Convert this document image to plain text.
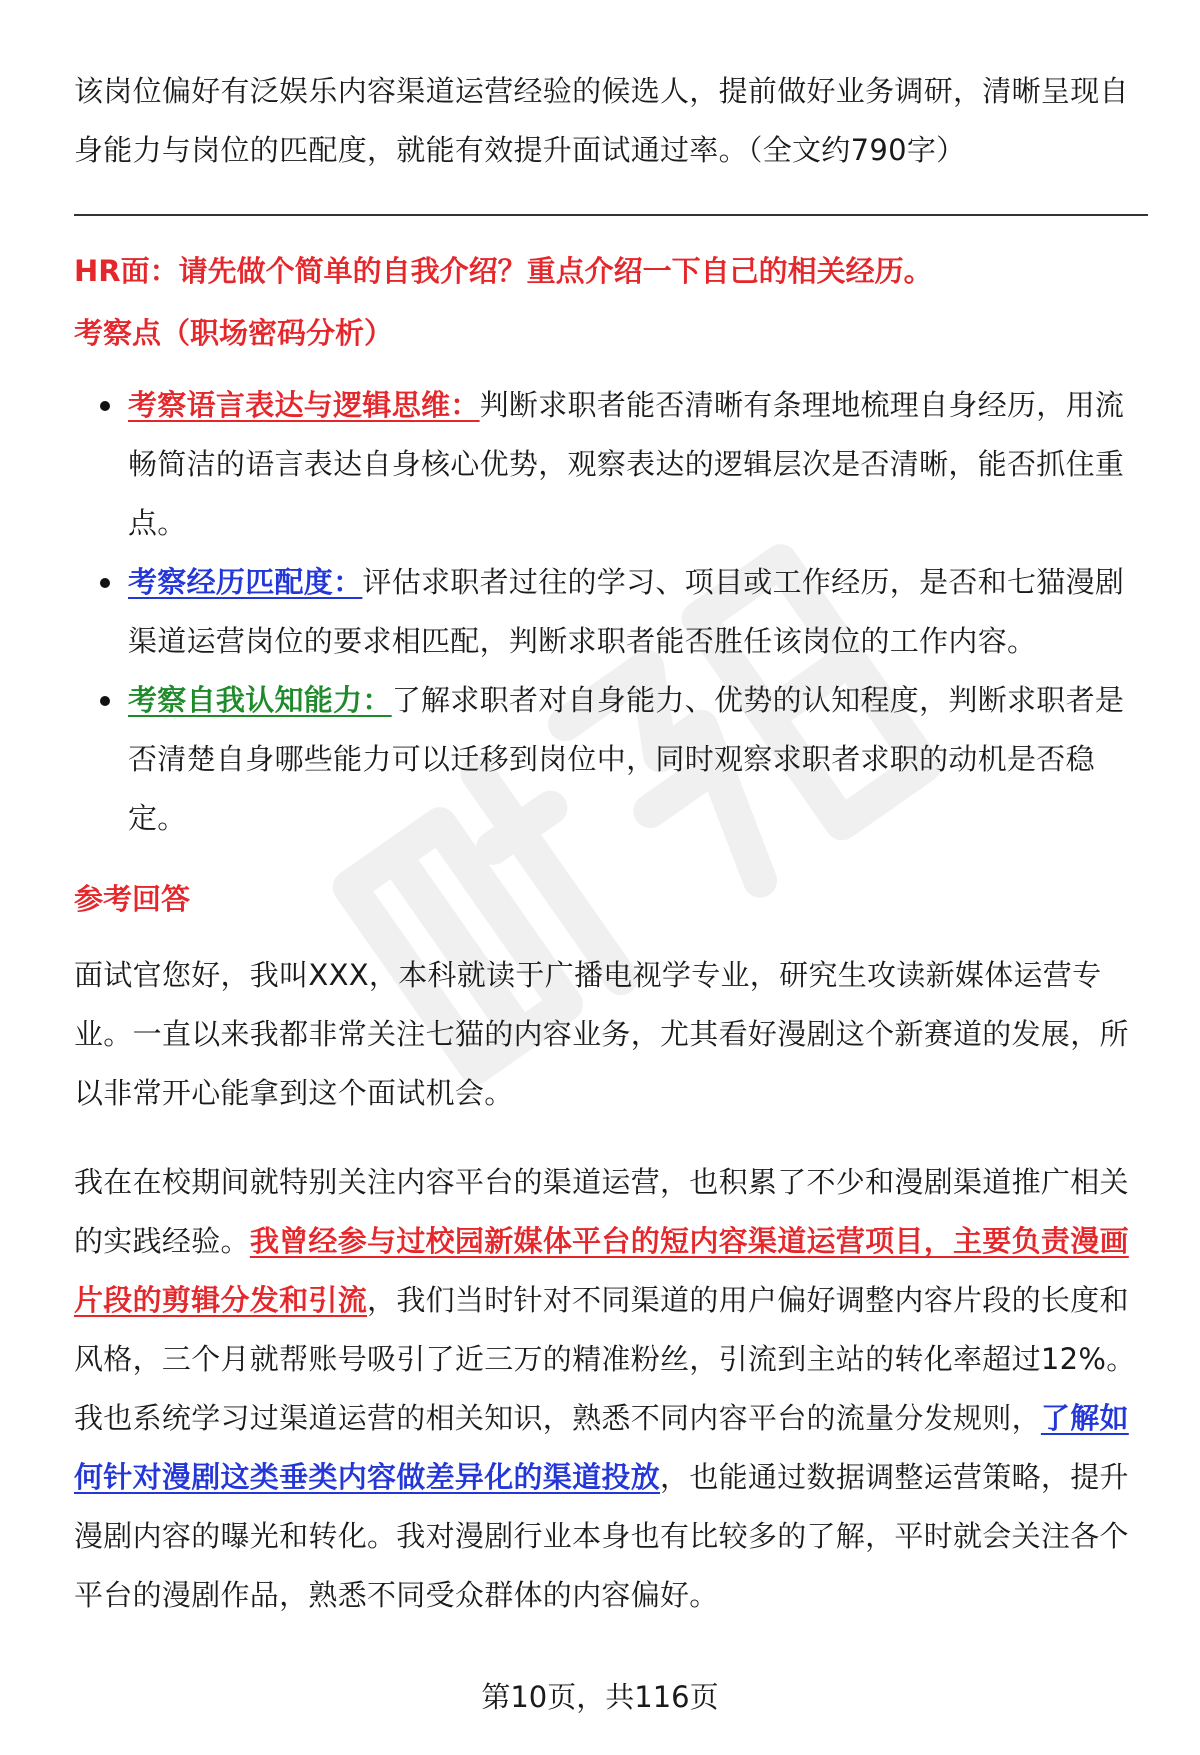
该岗位偏好有泛娱乐内容渠道运营经验的候选人，提前做好业务调研，清晰呈现自身能力与岗位的匹配度，就能有效提升面试通过率。（全文约790字）

HR面：请先做个简单的自我介绍？重点介绍一下自己的相关经历。
考察点（职场密码分析）
考察语言表达与逻辑思维：判断求职者能否清晰有条理地梳理自身经历，用流畅简洁的语言表达自身核心优势，观察表达的逻辑层次是否清晰，能否抓住重点。
考察经历匹配度：评估求职者过往的学习、项目或工作经历，是否和七猫漫剧渠道运营岗位的要求相匹配，判断求职者能否胜任该岗位的工作内容。
考察自我认知能力：了解求职者对自身能力、优势的认知程度，判断求职者是否清楚自身哪些能力可以迁移到岗位中，同时观察求职者求职的动机是否稳定。
参考回答

面试官您好，我叫XXX，本科就读于广播电视学专业，研究生攻读新媒体运营专业。一直以来我都非常关注七猫的内容业务，尤其看好漫剧这个新赛道的发展，所以非常开心能拿到这个面试机会。

我在在校期间就特别关注内容平台的渠道运营，也积累了不少和漫剧渠道推广相关的实践经验。我曾经参与过校园新媒体平台的短内容渠道运营项目，主要负责漫画片段的剪辑分发和引流，我们当时针对不同渠道的用户偏好调整内容片段的长度和风格，三个月就帮账号吸引了近三万的精准粉丝，引流到主站的转化率超过12%。我也系统学习过渠道运营的相关知识，熟悉不同内容平台的流量分发规则，了解如何针对漫剧这类垂类内容做差异化的渠道投放，也能通过数据调整运营策略，提升漫剧内容的曝光和转化。我对漫剧行业本身也有比较多的了解，平时就会关注各个平台的漫剧作品，熟悉不同受众群体的内容偏好。

第10页，共116页
